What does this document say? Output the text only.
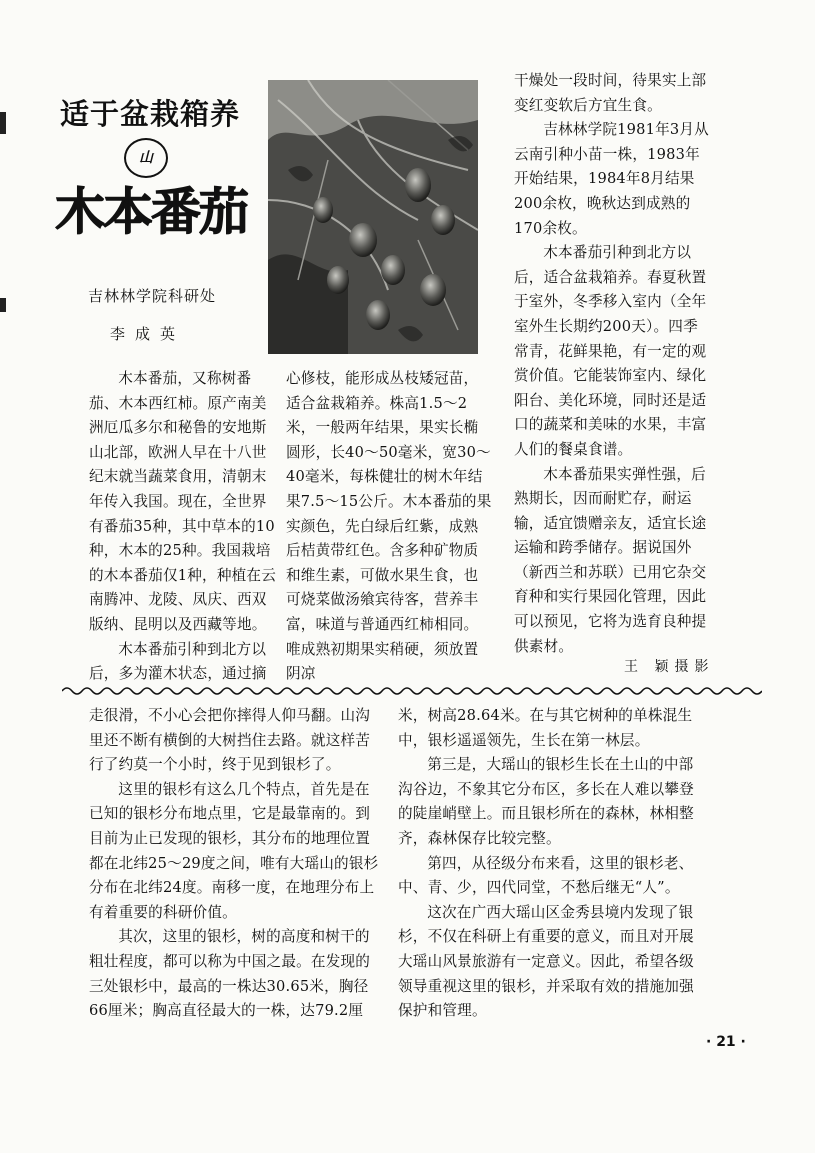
适于盆栽箱养
山
木本番茄
吉林林学院科研处
李成英

木本番茄，又称树番茄、木本西红柿。原产南美洲厄瓜多尔和秘鲁的安地斯山北部，欧洲人早在十八世纪末就当蔬菜食用，清朝末年传入我国。现在，全世界有番茄35种，其中草本的10种，木本的25种。我国栽培的木本番茄仅1种，种植在云南腾冲、龙陵、凤庆、西双版纳、昆明以及西藏等地。

木本番茄引种到北方以后，多为灌木状态，通过摘

心修枝，能形成丛枝矮冠苗，适合盆栽箱养。株高1.5～2米，一般两年结果，果实长椭圆形，长40～50毫米，宽30～40毫米，每株健壮的树木年结果7.5～15公斤。木本番茄的果实颜色，先白绿后红紫，成熟后桔黄带红色。含多种矿物质和维生素，可做水果生食，也可烧菜做汤飨宾待客，营养丰富，味道与普通西红柿相同。唯成熟初期果实稍硬，须放置阴凉

干燥处一段时间，待果实上部变红变软后方宜生食。

吉林林学院1981年3月从云南引种小苗一株，1983年开始结果，1984年8月结果200余枚，晚秋达到成熟的170余枚。

木本番茄引种到北方以后，适合盆栽箱养。春夏秋置于室外，冬季移入室内（全年室外生长期约200天）。四季常青，花鲜果艳，有一定的观赏价值。它能装饰室内、绿化阳台、美化环境，同时还是适口的蔬菜和美味的水果，丰富人们的餐桌食谱。

木本番茄果实弹性强，后熟期长，因而耐贮存，耐运输，适宜馈赠亲友，适宜长途运输和跨季储存。据说国外（新西兰和苏联）已用它杂交育种和实行果园化管理，因此可以预见，它将为选育良种提供素材。

王 颖摄影

走很滑，不小心会把你摔得人仰马翻。山沟里还不断有横倒的大树挡住去路。就这样苦行了约莫一个小时，终于见到银杉了。

这里的银杉有这么几个特点，首先是在已知的银杉分布地点里，它是最靠南的。到目前为止已发现的银杉，其分布的地理位置都在北纬25～29度之间，唯有大瑶山的银杉分布在北纬24度。南移一度，在地理分布上有着重要的科研价值。

其次，这里的银杉，树的高度和树干的粗壮程度，都可以称为中国之最。在发现的三处银杉中，最高的一株达30.65米，胸径66厘米；胸高直径最大的一株，达79.2厘

米，树高28.64米。在与其它树种的单株混生中，银杉遥遥领先，生长在第一林层。

第三是，大瑶山的银杉生长在土山的中部沟谷边，不象其它分布区，多长在人难以攀登的陡崖峭壁上。而且银杉所在的森林，林相整齐，森林保存比较完整。

第四，从径级分布来看，这里的银杉老、中、青、少，四代同堂，不愁后继无“人”。

这次在广西大瑶山区金秀县境内发现了银杉，不仅在科研上有重要的意义，而且对开展大瑶山风景旅游有一定意义。因此，希望各级领导重视这里的银杉，并采取有效的措施加强保护和管理。

· 21 ·
